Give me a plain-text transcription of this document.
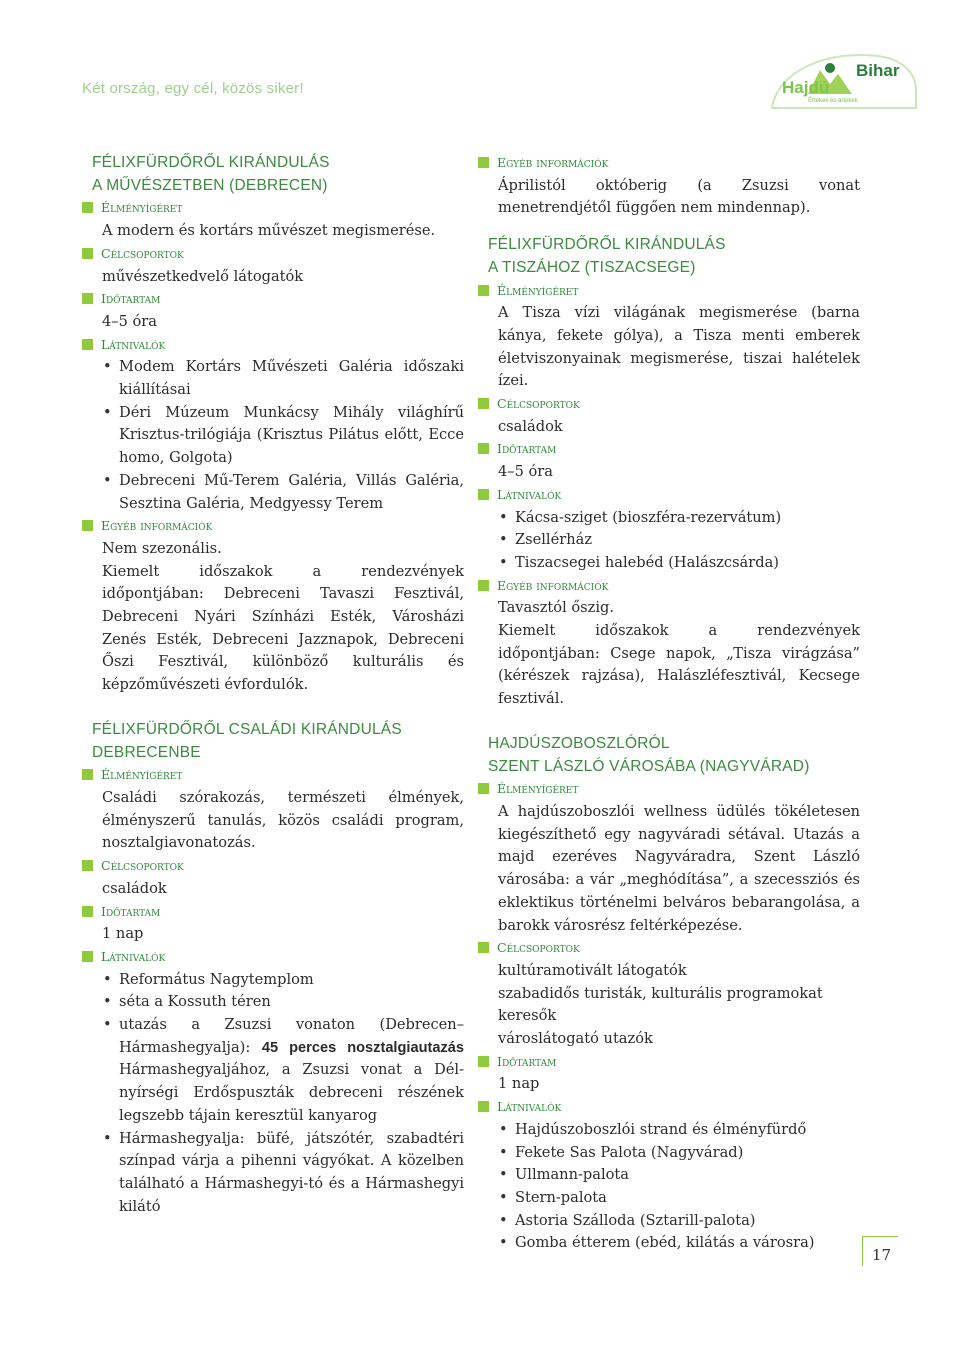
Két ország, egy cél, közös siker!	Hajdú
Bihar
Értékek és ártékek
FÉLIXFÜRDŐRŐL KIRÁNDULÁS
A MŰVÉSZETBEN (DEBRECEN)
Élményígéret
A modern és kortárs művészet megismerése.
Célcsoportok
művészetkedvelő látogatók
Időtartam
4–5 óra
Látnivalók
• Modem Kortárs Művészeti Galéria időszaki kiállításai
• Déri Múzeum Munkácsy Mihály világhírű Krisztus-trilógiája (Krisztus Pilátus előtt, Ecce homo, Golgota)
• Debreceni Mű-Terem Galéria, Villás Galéria, Sesztina Galéria, Medgyessy Terem
Egyéb információk
Nem szezonális.
Kiemelt időszakok a rendezvények időpontjában: Debreceni Tavaszi Fesztivál, Debreceni Nyári Színházi Esték, Városházi Zenés Esték, Debreceni Jazznapok, Debreceni Őszi Fesztivál, különböző kulturális és képzőművészeti évfordulók.
FÉLIXFÜRDŐRŐL CSALÁDI KIRÁNDULÁS
DEBRECENBE
Élményígéret
Családi szórakozás, természeti élmények, élményszerű tanulás, közös családi program, nosztalgiavonatozás.
Célcsoportok
családok
Időtartam
1 nap
Látnivalók
• Református Nagytemplom
• séta a Kossuth téren
• utazás a Zsuzsi vonaton (Debrecen–Hármashegyalja): 45 perces nosztalgiautazás Hármashegyaljához, a Zsuzsi vonat a Dél-nyírségi Erdőspuszták debreceni részének legszebb tájain keresztül kanyarog
• Hármashegyalja: büfé, játszótér, szabadtéri színpad várja a pihenni vágyókat. A közelben található a Hármashegyi-tó és a Hármashegyi kilátó
Egyéb információk
Áprilistól októberig (a Zsuzsi vonat menetrendjétől függően nem mindennap).
FÉLIXFÜRDŐRŐL KIRÁNDULÁS
A TISZÁHOZ (TISZACSEGE)
Élményígéret
A Tisza vízi világának megismerése (barna kánya, fekete gólya), a Tisza menti emberek életviszonyainak megismerése, tiszai halételek ízei.
Célcsoportok
családok
Időtartam
4–5 óra
Látnivalók
• Kácsa-sziget (bioszféra-rezervátum)
• Zsellérház
• Tiszacsegei halebéd (Halászcsárda)
Egyéb információk
Tavasztól őszig.
Kiemelt időszakok a rendezvények időpontjában: Csege napok, „Tisza virágzása” (kérészek rajzása), Halászléfesztivál, Kecsege fesztivál.
HAJDÚSZOBOSZLÓRÓL
SZENT LÁSZLÓ VÁROSÁBA (NAGYVÁRAD)
Élményígéret
A hajdúszoboszlói wellness üdülés tökéletesen kiegészíthető egy nagyváradi sétával. Utazás a majd ezeréves Nagyváradra, Szent László városába: a vár „meghódítása”, a szecessziós és eklektikus történelmi belváros bebarangolása, a barokk városrész feltérképezése.
Célcsoportok
kultúramotivált látogatók
szabadidős turisták, kulturális programokat keresők
városlátogató utazók
Időtartam
1 nap
Látnivalók
• Hajdúszoboszlói strand és élményfürdő
• Fekete Sas Palota (Nagyvárad)
• Ullmann-palota
• Stern-palota
• Astoria Szálloda (Sztarill-palota)
• Gomba étterem (ebéd, kilátás a városra)
17
